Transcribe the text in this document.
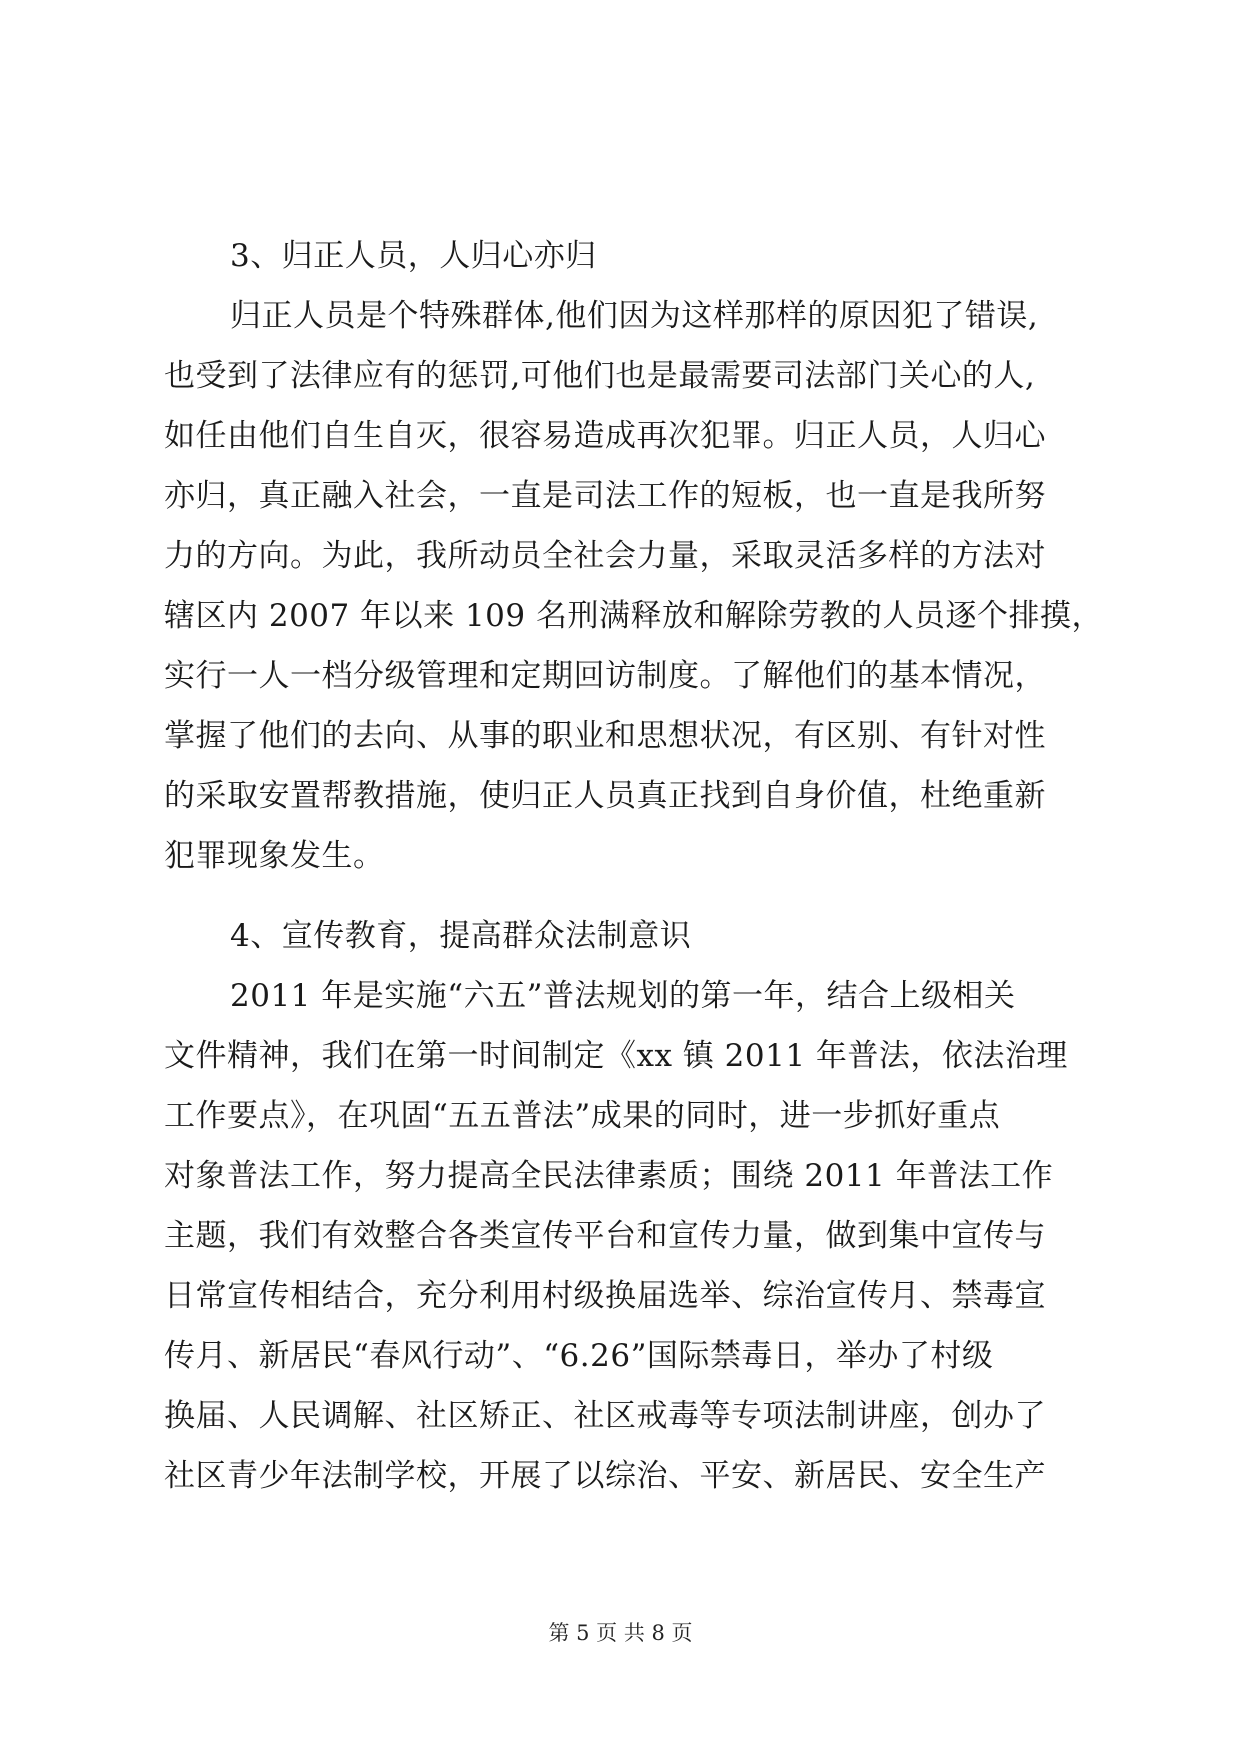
3、归正人员，人归心亦归
归正人员是个特殊群体,他们因为这样那样的原因犯了错误,
也受到了法律应有的惩罚,可他们也是最需要司法部门关心的人,
如任由他们自生自灭，很容易造成再次犯罪。归正人员，人归心
亦归，真正融入社会，一直是司法工作的短板，也一直是我所努
力的方向。为此，我所动员全社会力量，采取灵活多样的方法对
辖区内 2007 年以来 109 名刑满释放和解除劳教的人员逐个排摸，
实行一人一档分级管理和定期回访制度。了解他们的基本情况，
掌握了他们的去向、从事的职业和思想状况，有区别、有针对性
的采取安置帮教措施，使归正人员真正找到自身价值，杜绝重新
犯罪现象发生。
4、宣传教育，提高群众法制意识
2011 年是实施“六五”普法规划的第一年，结合上级相关
文件精神，我们在第一时间制定《xx 镇 2011 年普法，依法治理
工作要点》，在巩固“五五普法”成果的同时，进一步抓好重点
对象普法工作，努力提高全民法律素质；围绕 2011 年普法工作
主题，我们有效整合各类宣传平台和宣传力量，做到集中宣传与
日常宣传相结合，充分利用村级换届选举、综治宣传月、禁毒宣
传月、新居民“春风行动”、“6.26”国际禁毒日，举办了村级
换届、人民调解、社区矫正、社区戒毒等专项法制讲座，创办了
社区青少年法制学校，开展了以综治、平安、新居民、安全生产
第 5 页 共 8 页
